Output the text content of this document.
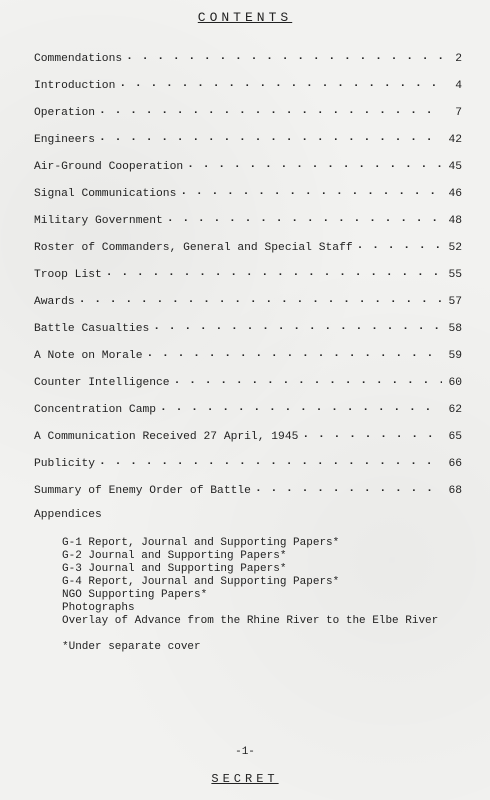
CONTENTS
Commendations . . .	2
Introduction . . .	4
Operation . . .	7
Engineers . . .	42
Air-Ground Cooperation . . .	45
Signal Communications . . .	46
Military Government . . .	48
Roster of Commanders, General and Special Staff . . .	52
Troop List . . .	55
Awards . . .	57
Battle Casualties . . .	58
A Note on Morale . . .	59
Counter Intelligence . . .	60
Concentration Camp . . .	62
A Communication Received 27 April, 1945 . . .	65
Publicity . . .	66
Summary of Enemy Order of Battle . . .	68
Appendices
G-1 Report, Journal and Supporting Papers*
G-2 Journal and Supporting Papers*
G-3 Journal and Supporting Papers*
G-4 Report, Journal and Supporting Papers*
NGO Supporting Papers*
Photographs
Overlay of Advance from the Rhine River to the Elbe River
*Under separate cover
-1-
SECRET
